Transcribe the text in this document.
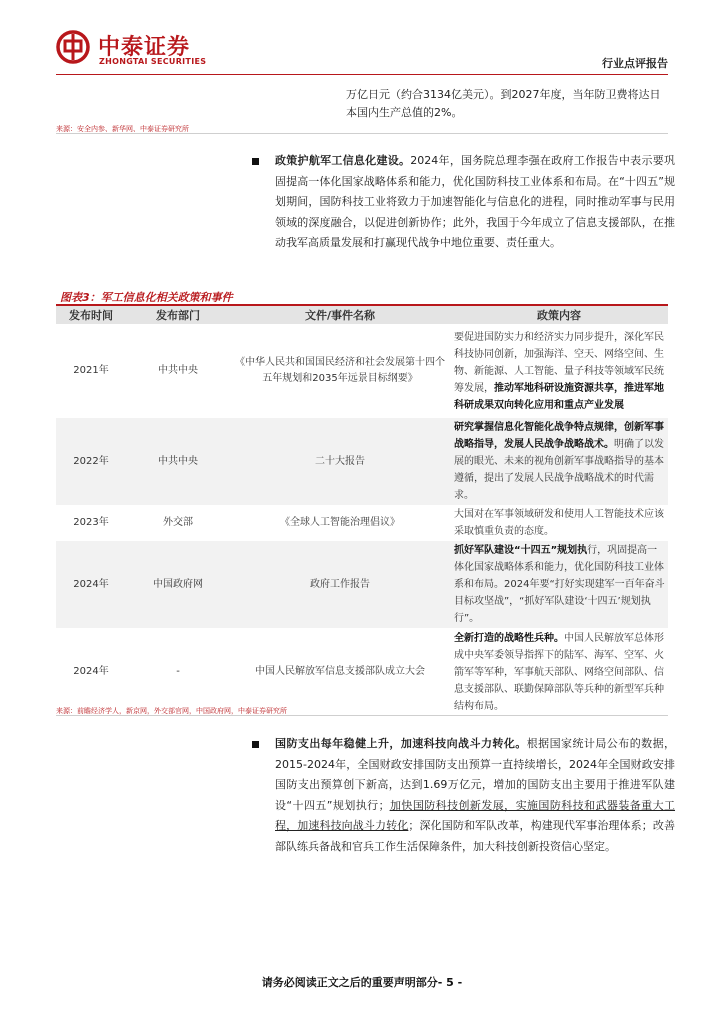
中泰证券
ZHONGTAI SECURITIES	行业点评报告
万亿日元（约合3134亿美元）。到2027年度，当年防卫费将达日本国内生产总值的2%。
来源：安全内参、新华网、中泰证券研究所
政策护航军工信息化建设。2024年，国务院总理李强在政府工作报告中表示要巩固提高一体化国家战略体系和能力，优化国防科技工业体系和布局。在“十四五”规划期间，国防科技工业将致力于加速智能化与信息化的进程，同时推动军事与民用领域的深度融合，以促进创新协作；此外，我国于今年成立了信息支援部队，在推动我军高质量发展和打赢现代战争中地位重要、责任重大。
图表3：军工信息化相关政策和事件
发布时间	发布部门	文件/事件名称	政策内容
2021年	中共中央	《中华人民共和国国民经济和社会发展第十四个五年规划和2035年远景目标纲要》	要促进国防实力和经济实力同步提升，深化军民科技协同创新，加强海洋、空天、网络空间、生物、新能源、人工智能、量子科技等领域军民统筹发展，推动军地科研设施资源共享，推进军地科研成果双向转化应用和重点产业发展
2022年	中共中央	二十大报告	研究掌握信息化智能化战争特点规律，创新军事战略指导，发展人民战争战略战术。明确了以发展的眼光、未来的视角创新军事战略指导的基本遵循，提出了发展人民战争战略战术的时代需求。
2023年	外交部	《全球人工智能治理倡议》	大国对在军事领域研发和使用人工智能技术应该采取慎重负责的态度。
2024年	中国政府网	政府工作报告	抓好军队建设“十四五”规划执行，巩固提高一体化国家战略体系和能力，优化国防科技工业体系和布局。2024年要“打好实现建军一百年奋斗目标攻坚战”，“抓好军队建设‘十四五’规划执行”。
2024年	-	中国人民解放军信息支援部队成立大会	全新打造的战略性兵种。中国人民解放军总体形成中央军委领导指挥下的陆军、海军、空军、火箭军等军种，军事航天部队、网络空间部队、信息支援部队、联勤保障部队等兵种的新型军兵种结构布局。
来源：前瞻经济学人，新京网，外交部官网，中国政府网，中泰证券研究所
国防支出每年稳健上升，加速科技向战斗力转化。根据国家统计局公布的数据，2015-2024年，全国财政安排国防支出预算一直持续增长，2024年全国财政安排国防支出预算创下新高，达到1.69万亿元，增加的国防支出主要用于推进军队建设“十四五”规划执行；加快国防科技创新发展，实施国防科技和武器装备重大工程，加速科技向战斗力转化；深化国防和军队改革，构建现代军事治理体系；改善部队练兵备战和官兵工作生活保障条件，加大科技创新投资信心坚定。
请务必阅读正文之后的重要声明部分- 5 -
